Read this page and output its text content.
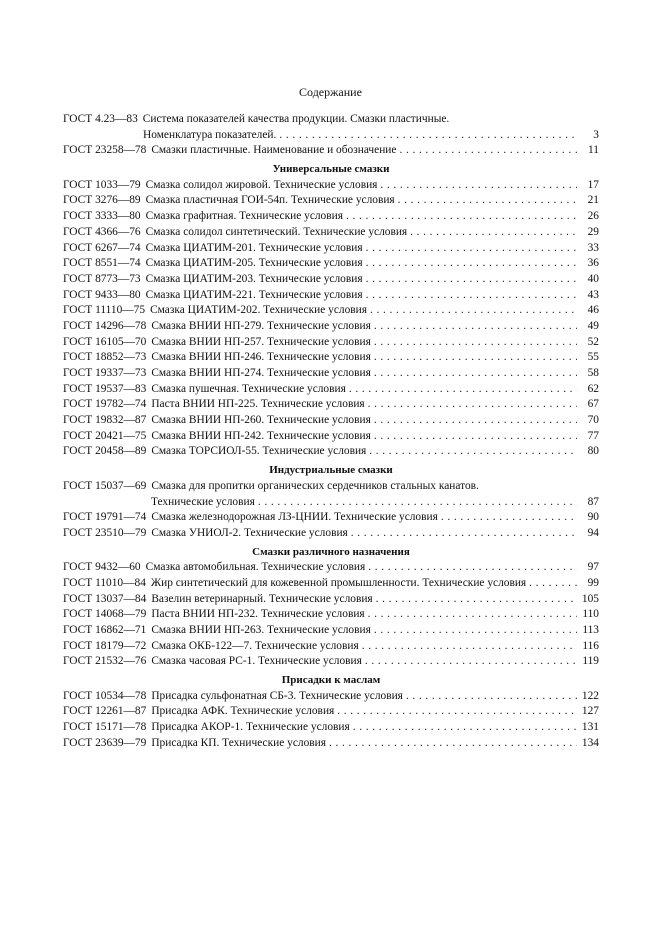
Содержание
ГОСТ 4.23—83 Система показателей качества продукции. Смазки пластичные.
Номенклатура показателей. . . .	3
ГОСТ 23258—78 Смазки пластичные. Наименование и обозначение . . .	11
Универсальные смазки
ГОСТ 1033—79 Смазка солидол жировой. Технические условия . . .	17
ГОСТ 3276—89 Смазка пластичная ГОИ-54п. Технические условия . . .	21
ГОСТ 3333—80 Смазка графитная. Технические условия . . .	26
ГОСТ 4366—76 Смазка солидол синтетический. Технические условия . . .	29
ГОСТ 6267—74 Смазка ЦИАТИМ-201. Технические условия . . .	33
ГОСТ 8551—74 Смазка ЦИАТИМ-205. Технические условия . . .	36
ГОСТ 8773—73 Смазка ЦИАТИМ-203. Технические условия . . .	40
ГОСТ 9433—80 Смазка ЦИАТИМ-221. Технические условия . . .	43
ГОСТ 11110—75 Смазка ЦИАТИМ-202. Технические условия . . .	46
ГОСТ 14296—78 Смазка ВНИИ НП-279. Технические условия . . .	49
ГОСТ 16105—70 Смазка ВНИИ НП-257. Технические условия . . .	52
ГОСТ 18852—73 Смазка ВНИИ НП-246. Технические условия . . .	55
ГОСТ 19337—73 Смазка ВНИИ НП-274. Технические условия . . .	58
ГОСТ 19537—83 Смазка пушечная. Технические условия . . .	62
ГОСТ 19782—74 Паста ВНИИ НП-225. Технические условия . . .	67
ГОСТ 19832—87 Смазка ВНИИ НП-260. Технические условия . . .	70
ГОСТ 20421—75 Смазка ВНИИ НП-242. Технические условия . . .	77
ГОСТ 20458—89 Смазка ТОРСИОЛ-55. Технические условия . . .	80
Индустриальные смазки
ГОСТ 15037—69 Смазка для пропитки органических сердечников стальных канатов.
Технические условия . . .	87
ГОСТ 19791—74 Смазка железнодорожная ЛЗ-ЦНИИ. Технические условия . . .	90
ГОСТ 23510—79 Смазка УНИОЛ-2. Технические условия . . .	94
Смазки различного назначения
ГОСТ 9432—60 Смазка автомобильная. Технические условия . . .	97
ГОСТ 11010—84 Жир синтетический для кожевенной промышленности. Технические условия . . .	99
ГОСТ 13037—84 Вазелин ветеринарный. Технические условия . . .	105
ГОСТ 14068—79 Паста ВНИИ НП-232. Технические условия . . .	110
ГОСТ 16862—71 Смазка ВНИИ НП-263. Технические условия . . .	113
ГОСТ 18179—72 Смазка ОКБ-122—7. Технические условия . . .	116
ГОСТ 21532—76 Смазка часовая РС-1. Технические условия . . .	119
Присадки к маслам
ГОСТ 10534—78 Присадка сульфонатная СБ-3. Технические условия . . .	122
ГОСТ 12261—87 Присадка АФК. Технические условия . . .	127
ГОСТ 15171—78 Присадка АКОР-1. Технические условия . . .	131
ГОСТ 23639—79 Присадка КП. Технические условия . . .	134
